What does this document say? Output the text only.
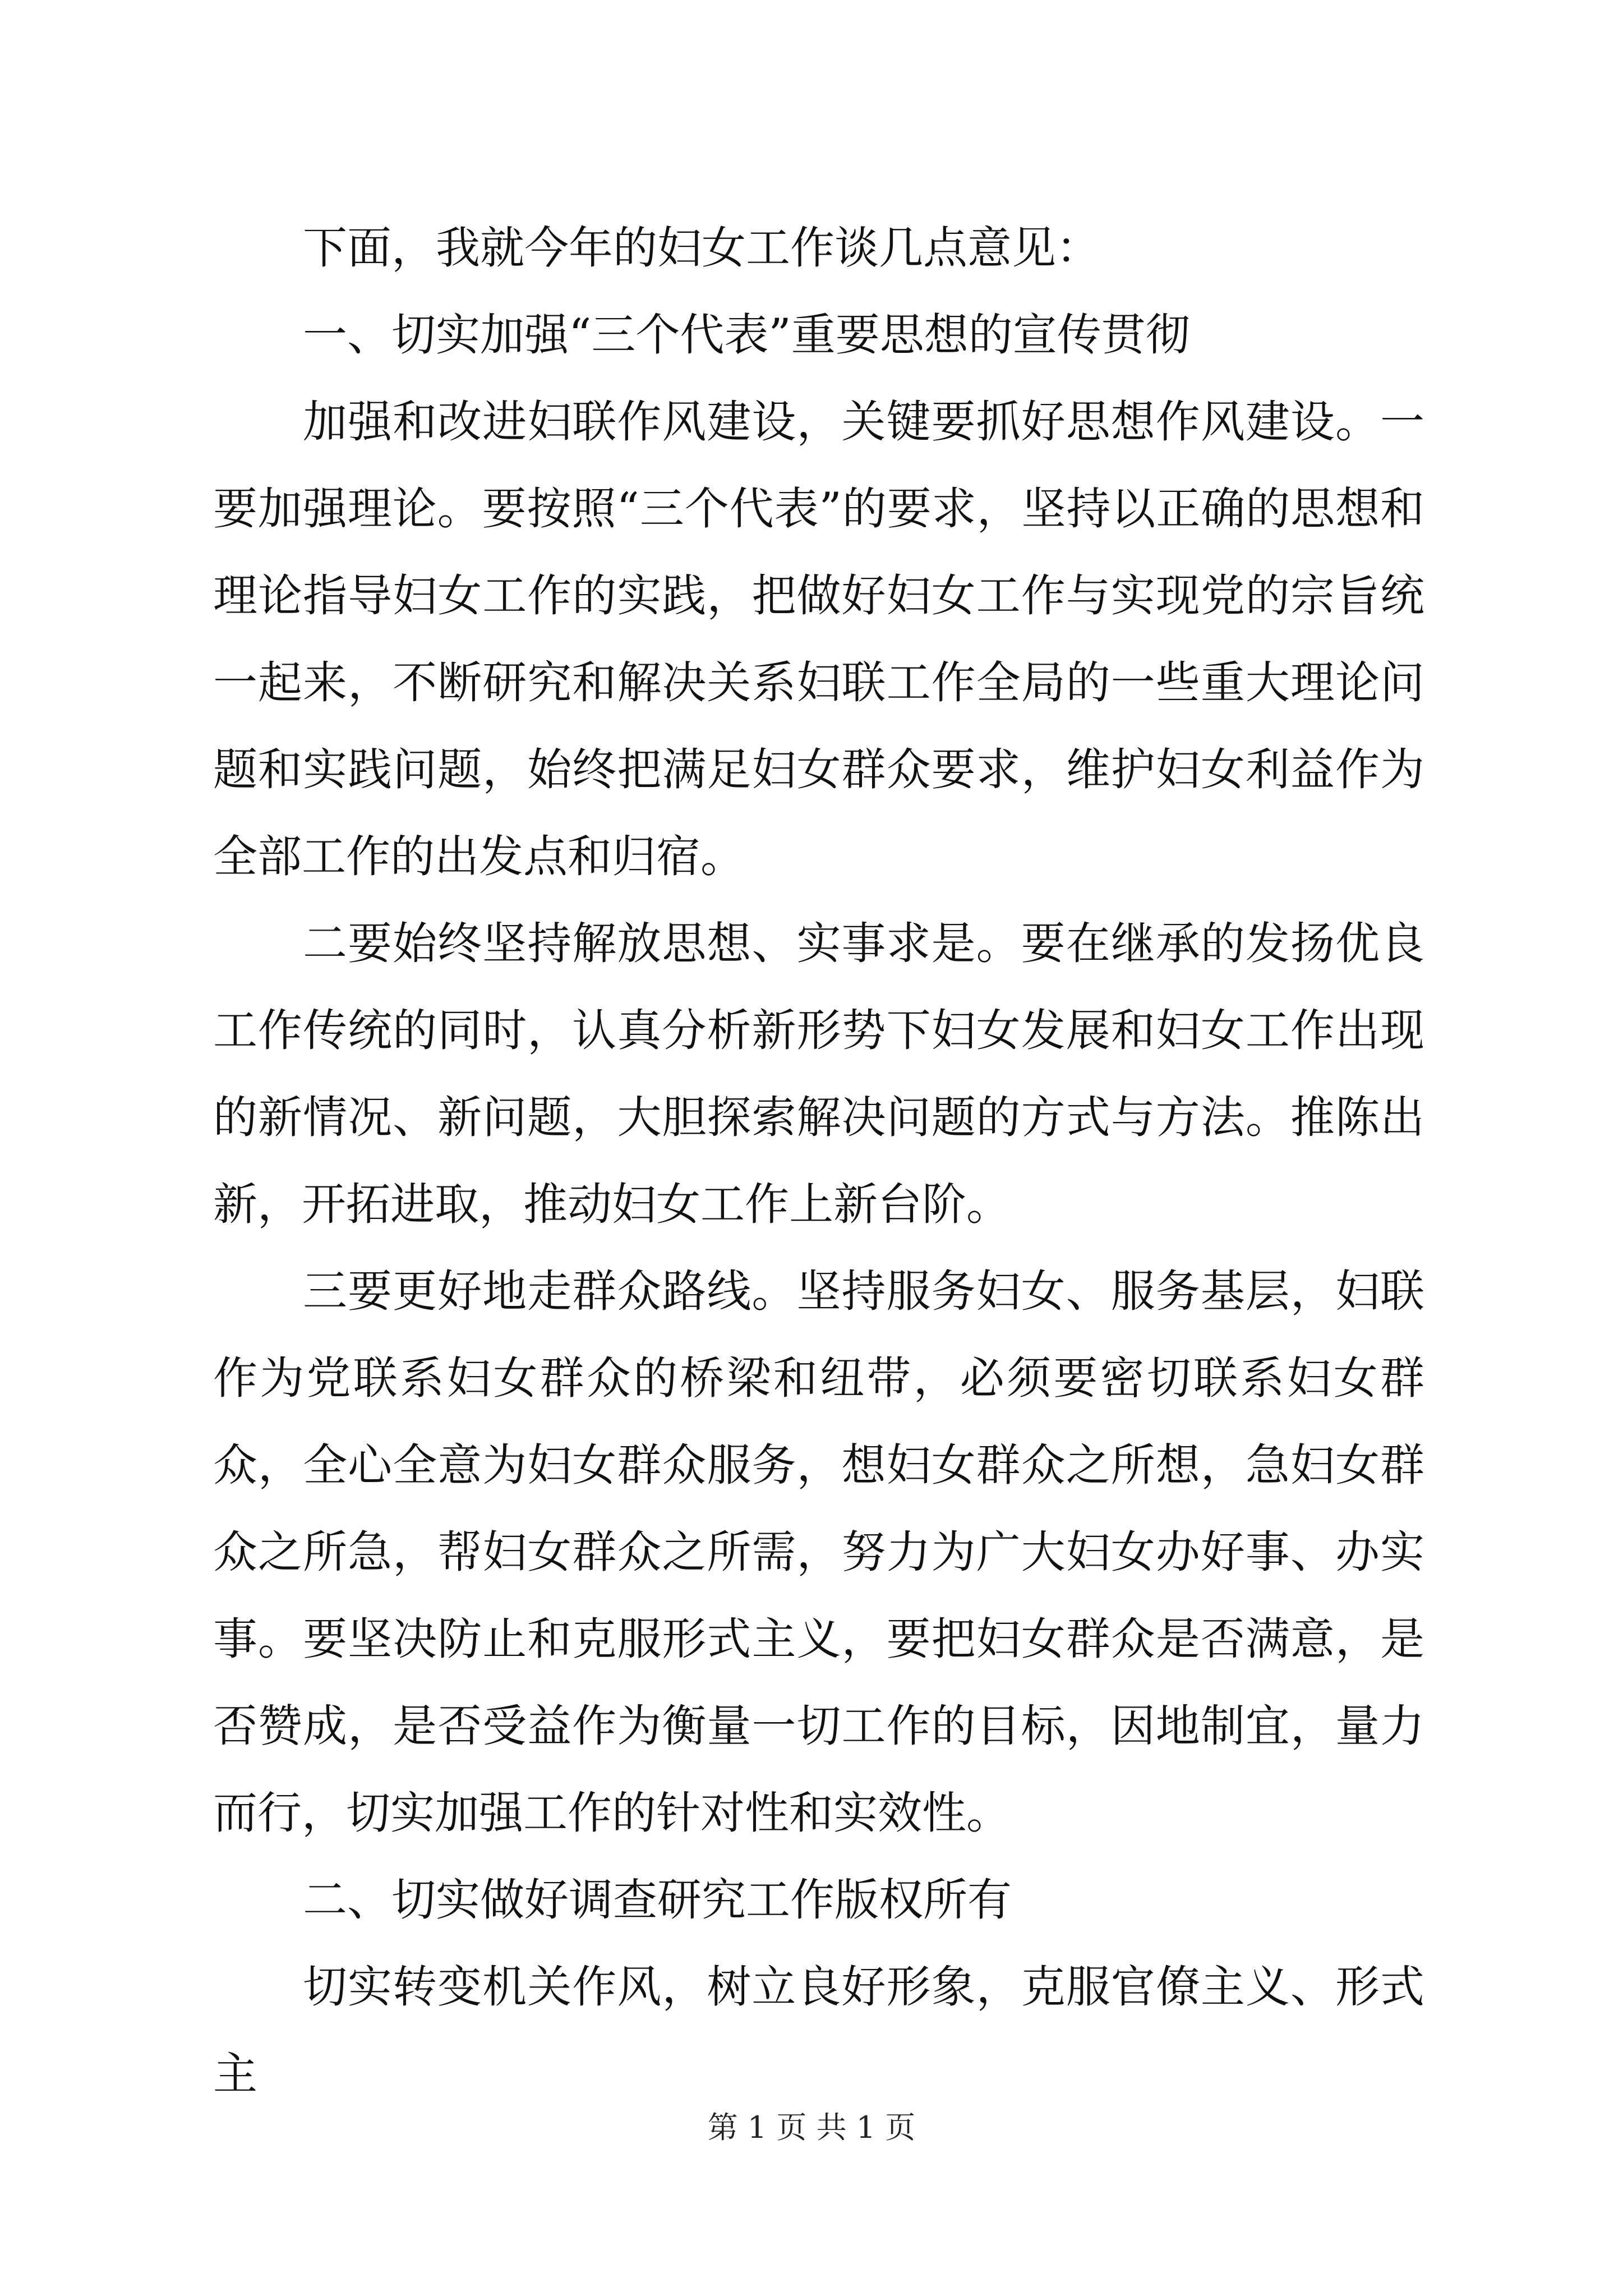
下面，我就今年的妇女工作谈几点意见：

一、切实加强“三个代表”重要思想的宣传贯彻

加强和改进妇联作风建设，关键要抓好思想作风建设。一要加强理论。要按照“三个代表”的要求，坚持以正确的思想和理论指导妇女工作的实践，把做好妇女工作与实现党的宗旨统一起来，不断研究和解决关系妇联工作全局的一些重大理论问题和实践问题，始终把满足妇女群众要求，维护妇女利益作为全部工作的出发点和归宿。

二要始终坚持解放思想、实事求是。要在继承的发扬优良工作传统的同时，认真分析新形势下妇女发展和妇女工作出现的新情况、新问题，大胆探索解决问题的方式与方法。推陈出新，开拓进取，推动妇女工作上新台阶。

三要更好地走群众路线。坚持服务妇女、服务基层，妇联作为党联系妇女群众的桥梁和纽带，必须要密切联系妇女群众，全心全意为妇女群众服务，想妇女群众之所想，急妇女群众之所急，帮妇女群众之所需，努力为广大妇女办好事、办实事。要坚决防止和克服形式主义，要把妇女群众是否满意，是否赞成，是否受益作为衡量一切工作的目标，因地制宜，量力而行，切实加强工作的针对性和实效性。

二、切实做好调查研究工作版权所有

切实转变机关作风，树立良好形象，克服官僚主义、形式主

第 1 页 共 1 页
